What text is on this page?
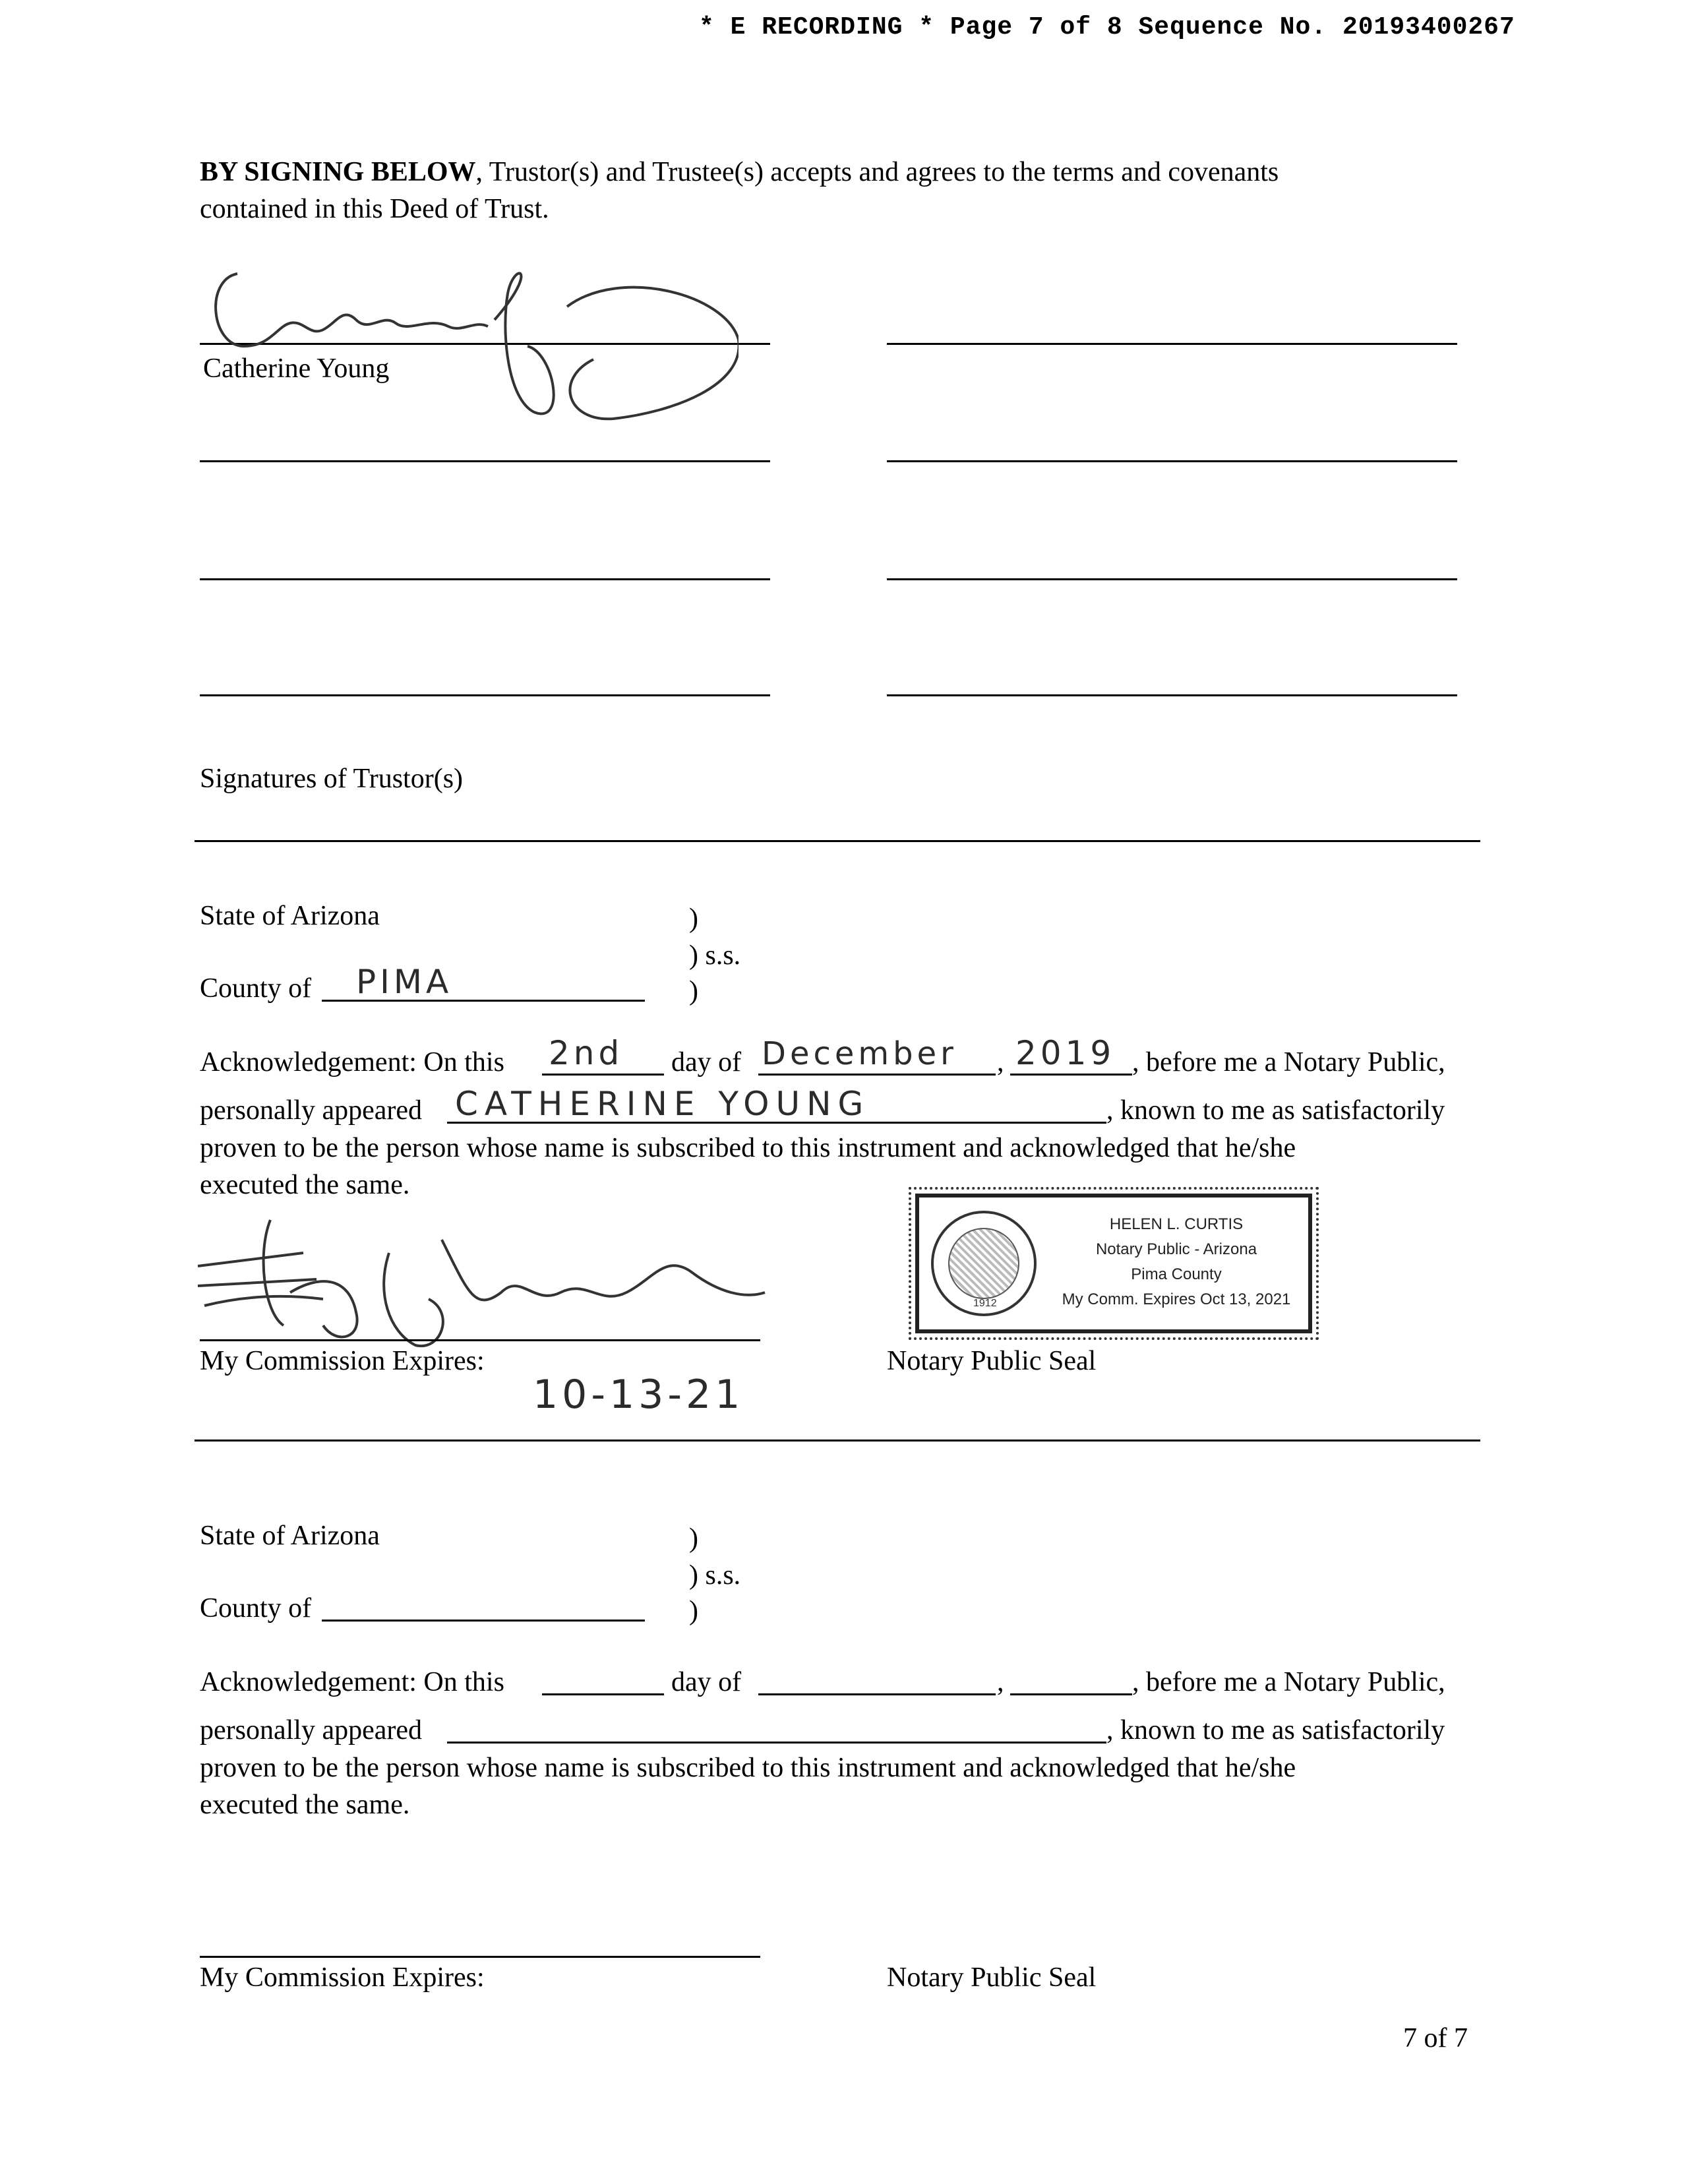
* E RECORDING * Page 7 of 8 Sequence No. 20193400267
BY SIGNING BELOW, Trustor(s) and Trustee(s) accepts and agrees to the terms and covenants
contained in this Deed of Trust.
Catherine Young
Signatures of Trustor(s)
State of Arizona	)
) s.s.
County of PIMA	)
Acknowledgement: On this 2nd day of December , 2019 , before me a Notary Public,
personally appeared CATHERINE YOUNG	, known to me as satisfactorily
proven to be the person whose name is subscribed to this instrument and acknowledged that he/she
executed the same.
My Commission Expires:
10-13-21
Notary Public Seal
1912
HELEN L. CURTIS
Notary Public - Arizona
Pima County
My Comm. Expires Oct 13, 2021
State of Arizona	)
) s.s.
County of	)
Acknowledgement: On this	day of	,	, before me a Notary Public,
personally appeared	, known to me as satisfactorily
proven to be the person whose name is subscribed to this instrument and acknowledged that he/she
executed the same.
My Commission Expires:	Notary Public Seal
7 of 7
